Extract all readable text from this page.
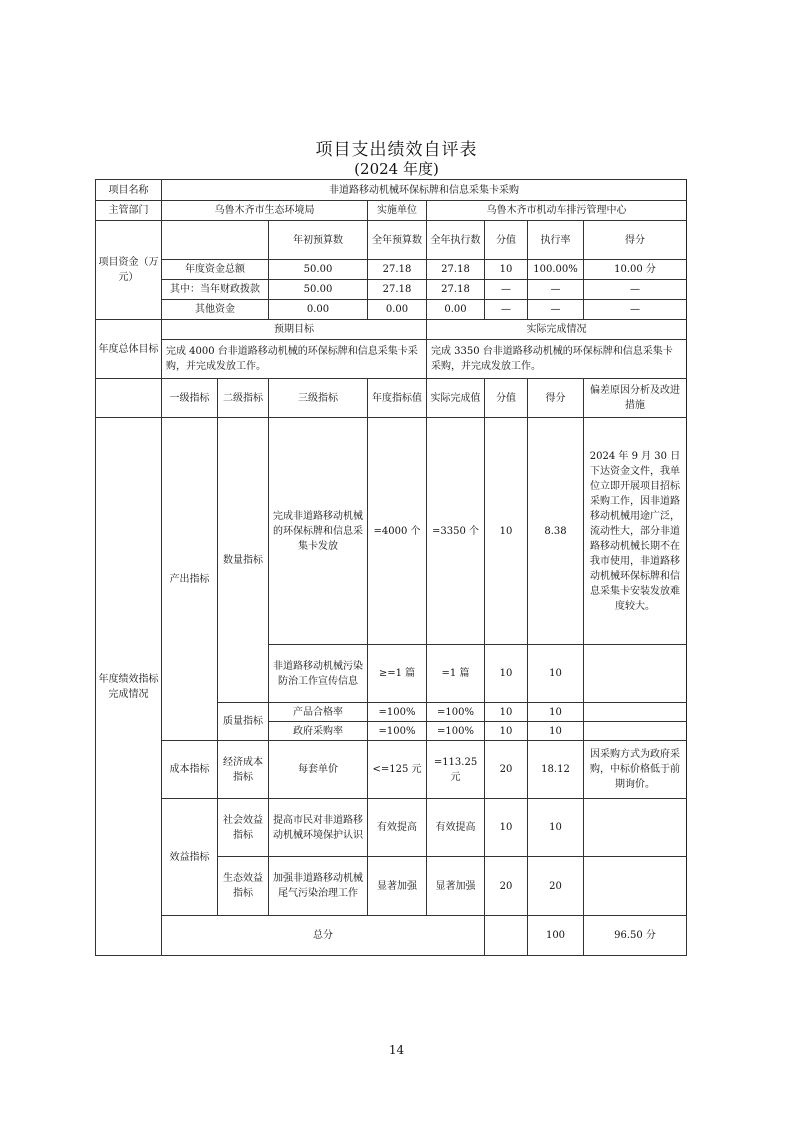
项目支出绩效自评表
(2024 年度)
项目名称	非道路移动机械环保标牌和信息采集卡采购								
主管部门	乌鲁木齐市生态环境局			实施单位	乌鲁木齐市机动车排污管理中心				
项目资金（万元）			年初预算数	全年预算数	全年执行数	分值	执行率	得分	
	年度资金总额		50.00	27.18	27.18	10	100.00%	10.00 分	
	其中：当年财政拨款		50.00	27.18	27.18	—	—	—	
	其他资金		0.00	0.00	0.00	—	—	—	
年度总体目标	预期目标				实际完成情况				
	完成 4000 台非道路移动机械的环保标牌和信息采集卡采购，并完成发放工作。				完成 3350 台非道路移动机械的环保标牌和信息采集卡采购，并完成发放工作。				
	一级指标	二级指标	三级指标	年度指标值	实际完成值	分值	得分	偏差原因分析及改进措施	
年度绩效指标完成情况	产出指标	数量指标	完成非道路移动机械的环保标牌和信息采集卡发放	=4000 个	=3350 个	10	8.38	2024 年 9 月 30 日下达资金文件，我单位立即开展项目招标采购工作，因非道路移动机械用途广泛，流动性大，部分非道路移动机械长期不在我市使用，非道路移动机械环保标牌和信息采集卡安装发放难度较大。	
			非道路移动机械污染防治工作宣传信息	≥=1 篇	=1 篇	10	10		
		质量指标	产品合格率	=100%	=100%	10	10		
			政府采购率	=100%	=100%	10	10		
	成本指标	经济成本指标	每套单价	<=125 元	=113.25 元	20	18.12	因采购方式为政府采购，中标价格低于前期询价。	
	效益指标	社会效益指标	提高市民对非道路移动机械环境保护认识	有效提高	有效提高	10	10		
		生态效益指标	加强非道路移动机械尾气污染治理工作	显著加强	显著加强	20	20		
	总分						100	96.50 分	
14
